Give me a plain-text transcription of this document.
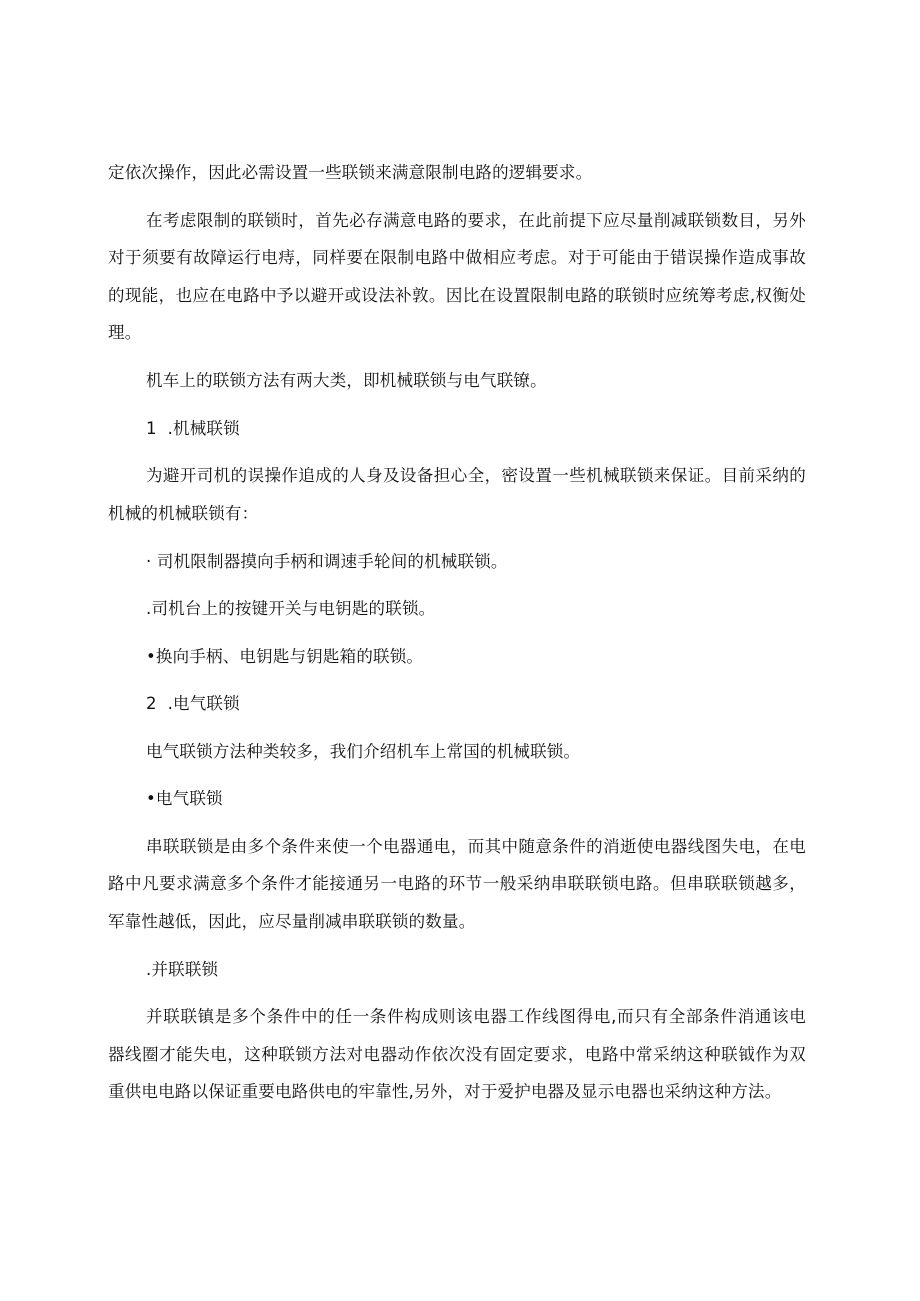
定依次操作，因此必需设置一些联锁来满意限制电路的逻辑要求。

在考虑限制的联锁时，首先必存满意电路的要求，在此前提下应尽量削减联锁数目，另外

对于须要有故障运行电痔，同样要在限制电路中做相应考虑。对于可能由于错误操作造成事故

的现能，也应在电路中予以避开或设法补敦。因比在设置限制电路的联锁时应统筹考虑,权衡处

理。

机车上的联锁方法有两大类，即机械联锁与电气联镣。

1  .机械联锁

为避开司机的误操作追成的人身及设备担心全，密设置一些机械联锁来保证。目前采纳的

机械的机械联锁有：

· 司机限制器摸向手柄和调速手轮间的机械联锁。

.司机台上的按键开关与电钥匙的联锁。

•换向手柄、电钥匙与钥匙箱的联锁。

2  .电气联锁

电气联锁方法种类较多，我们介绍机车上常国的机械联锁。

•电气联锁

串联联锁是由多个条件来使一个电器通电，而其中随意条件的消逝使电器线图失电，在电

路中凡要求满意多个条件才能接通另一电路的环节一般采纳串联联锁电路。但串联联锁越多，

军靠性越低，因此，应尽量削减串联联锁的数量。

.并联联锁

并联联镇是多个条件中的任一条件构成则该电器工作线图得电,而只有全部条件消通该电

器线圈才能失电，这种联锁方法对电器动作依次没有固定要求，电路中常采纳这种联钺作为双

重供电电路以保证重要电路供电的牢靠性,另外，对于爱护电器及显示电器也采纳这种方法。
